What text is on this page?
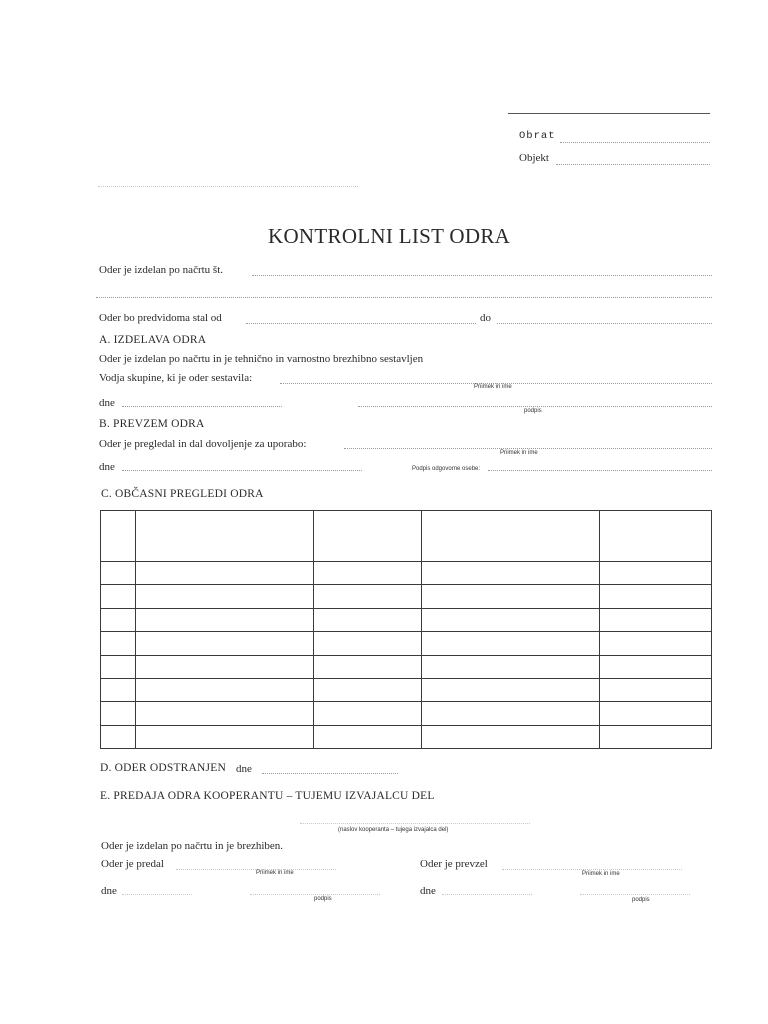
Obrat
Objekt
KONTROLNI LIST ODRA
Oder je izdelan po načrtu št.
Oder bo predvidoma stal od	do
A. IZDELAVA ODRA
Oder je izdelan po načrtu in je tehnično in varnostno brezhibno sestavljen
Vodja skupine, ki je oder sestavila:
Priimek in ime
dne
podpis
B. PREVZEM ODRA
Oder je pregledal in dal dovoljenje za uporabo:
Priimek in ime
dne	Podpis odgovorne osebe:
C. OBČASNI PREGLEDI ODRA

D. ODER ODSTRANJEN dne
E. PREDAJA ODRA KOOPERANTU – TUJEMU IZVAJALCU DEL
(naslov kooperanta – tujega izvajalca del)
Oder je izdelan po načrtu in je brezhiben.
Oder je predal
Priimek in ime
Oder je prevzel
Priimek in ime
dne
podpis
dne
podpis
